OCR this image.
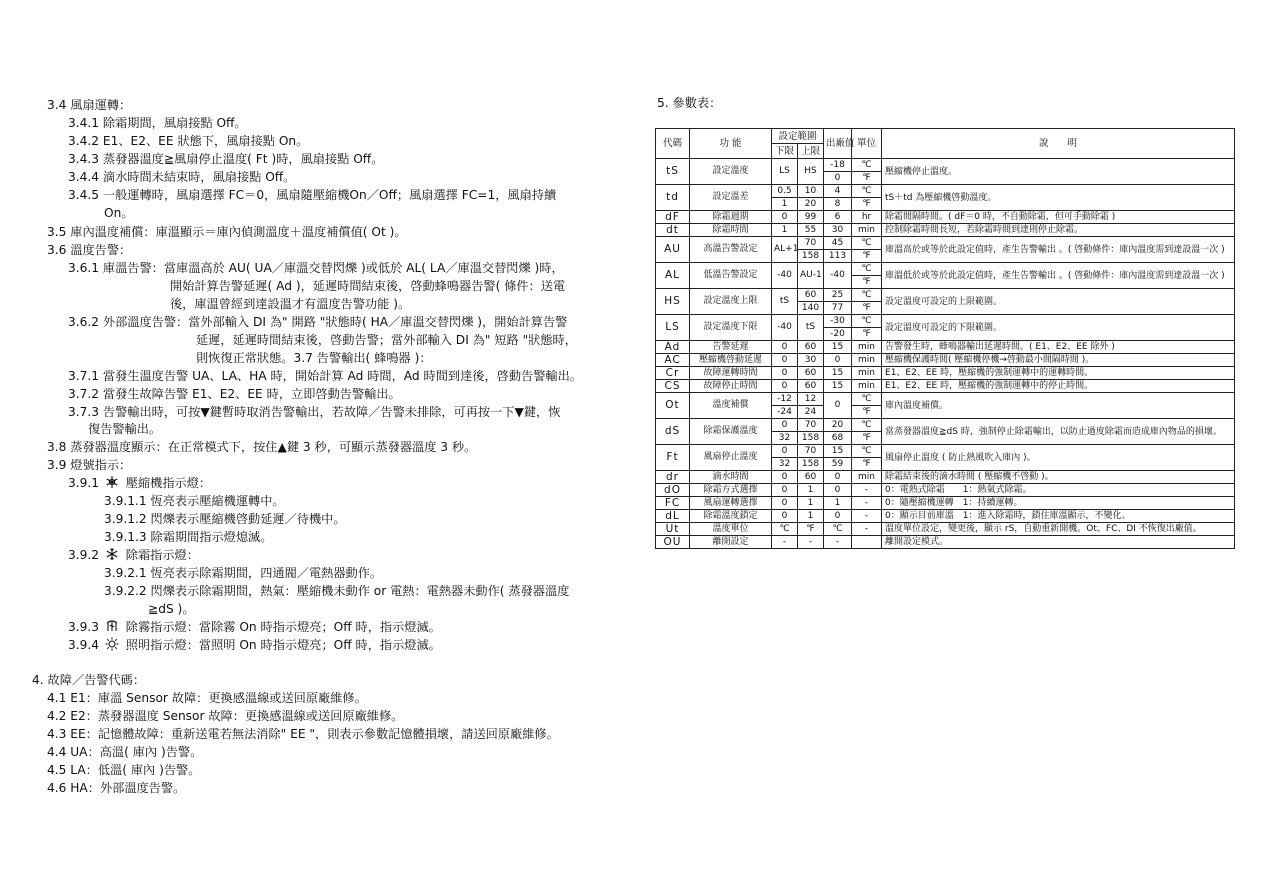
3.4 風扇運轉：
3.4.1 除霜期間，風扇接點 Off。
3.4.2 E1、E2、EE 狀態下，風扇接點 On。
3.4.3 蒸發器溫度≧風扇停止溫度( Ft )時，風扇接點 Off。
3.4.4 滴水時間未結束時，風扇接點 Off。
3.4.5 一般運轉時，風扇選擇 FC＝0，風扇隨壓縮機On／Off；風扇選擇 FC=1，風扇持續
On。
3.5 庫內溫度補償：庫溫顯示＝庫內偵測溫度＋溫度補償值( Ot )。
3.6 溫度告警：
3.6.1 庫溫告警：當庫溫高於 AU( UA／庫溫交替閃爍 )或低於 AL( LA／庫溫交替閃爍 )時，
開始計算告警延遲( Ad )，延遲時間結束後，啓動蜂鳴器告警( 條件：送電
後，庫溫曾經到達設溫才有溫度告警功能 )。
3.6.2 外部溫度告警：當外部輸入 DI 為" 開路 "狀態時( HA／庫溫交替閃爍 )，開始計算告警
延遲，延遲時間結束後，啓動告警；當外部輸入 DI 為" 短路 "狀態時，
則恢復正常狀態。3.7 告警輸出( 蜂鳴器 )：
3.7.1 當發生溫度告警 UA、LA、HA 時，開始計算 Ad 時間，Ad 時間到達後，啓動告警輸出。
3.7.2 當發生故障告警 E1、E2、EE 時，立即啓動告警輸出。
3.7.3 告警輸出時，可按▼鍵暫時取消告警輸出，若故障／告警未排除，可再按一下▼鍵，恢
復告警輸出。
3.8 蒸發器溫度顯示：在正常模式下，按住▲鍵 3 秒，可顯示蒸發器溫度 3 秒。
3.9 燈號指示：
3.9.1 壓縮機指示燈：
3.9.1.1 恆亮表示壓縮機運轉中。
3.9.1.2 閃爍表示壓縮機啓動延遲／待機中。
3.9.1.3 除霜期間指示燈熄滅。
3.9.2 除霜指示燈：
3.9.2.1 恆亮表示除霜期間，四通閥／電熱器動作。
3.9.2.2 閃爍表示除霜期間，熱氣：壓縮機未動作 or 電熱：電熱器未動作( 蒸發器溫度
≧dS )。
3.9.3 除霧指示燈：當除霧 On 時指示燈亮；Off 時，指示燈滅。
3.9.4 照明指示燈：當照明 On 時指示燈亮；Off 時，指示燈滅。
4. 故障／告警代碼：
4.1 E1：庫溫 Sensor 故障：更換感溫線或送回原廠維修。
4.2 E2：蒸發器溫度 Sensor 故障：更換感溫線或送回原廠維修。
4.3 EE：記憶體故障：重新送電若無法消除" EE "，則表示參數記憶體損壞，請送回原廠維修。
4.4 UA：高溫( 庫內 )告警。
4.5 LA：低溫( 庫內 )告警。
4.6 HA：外部溫度告警。
5. 參數表：
代碼	功 能	設定範圍		出廠值	單位	說　　明
		下限	上限			
tS	設定溫度	LS	HS	-18	℃	壓縮機停止溫度。
				0	℉	
td	設定溫差	0.5	10	4	℃	tS＋td 為壓縮機啓動溫度。
		1	20	8	℉	
dF	除霜週期	0	99	6	hr	除霜間隔時間。( dF＝0 時，不自動除霜，但可手動除霜 )
dt	除霜時間	1	55	30	min	控制除霜時間長短，若除霜時間到達則停止除霜。
AU	高溫告警設定	AL+1	70	45	℃	庫溫高於或等於此設定值時，產生告警輸出 。( 啓動條件：庫內溫度需到達設溫一次 )
			158	113	℉	
AL	低溫告警設定	-40	AU-1	-40	℃	庫溫低於或等於此設定值時，產生告警輸出 。( 啓動條件：庫內溫度需到達設溫一次 )
					℉	
HS	設定溫度上限	tS	60	25	℃	設定溫度可設定的上限範圍。
			140	77	℉	
LS	設定溫度下限	-40	tS	-30	℃	設定溫度可設定的下限範圍。
				-20	℉	
Ad	告警延遲	0	60	15	min	告警發生時，蜂鳴器輸出延遲時間。( E1、E2、EE 除外 )
AC	壓縮機啓動延遲	0	30	0	min	壓縮機保護時間( 壓縮機停機→啓動最小間隔時間 )。
Cr	故障運轉時間	0	60	15	min	E1、E2、EE 時，壓縮機的強制運轉中的運轉時間。
CS	故障停止時間	0	60	15	min	E1、E2、EE 時，壓縮機的強制運轉中的停止時間。
Ot	溫度補償	-12	12	0	℃	庫內溫度補償。
		-24	24		℉	
dS	除霜保護溫度	0	70	20	℃	當蒸發器溫度≧dS 時，強制停止除霜輸出，以防止過度除霜而造成庫內物品的損壞。
		32	158	68	℉	
Ft	風扇停止溫度	0	70	15	℃	風扇停止溫度 ( 防止熱風吹入庫內 )。
		32	158	59	℉	
dr	滴水時間	0	60	0	min	除霜結束後的滴水時間 ( 壓縮機不啓動 )。
dO	除霜方式選擇	0	1	0	-	0：電熱式除霜　　1：熱氣式除霜。
FC	風扇運轉選擇	0	1	1	-	0：隨壓縮機運轉　1：持續運轉。
dL	除霜溫度鎖定	0	1	0	-	0：顯示目前庫溫　1：進入除霜時，鎖住庫溫顯示，不變化。
Ut	溫度單位	℃	℉	℃	-	溫度單位設定，變更後，顯示 rS，自動重新開機。Ot、FC、DI 不恢復出廠值。
OU	離開設定	-	-	-		離開設定模式。
